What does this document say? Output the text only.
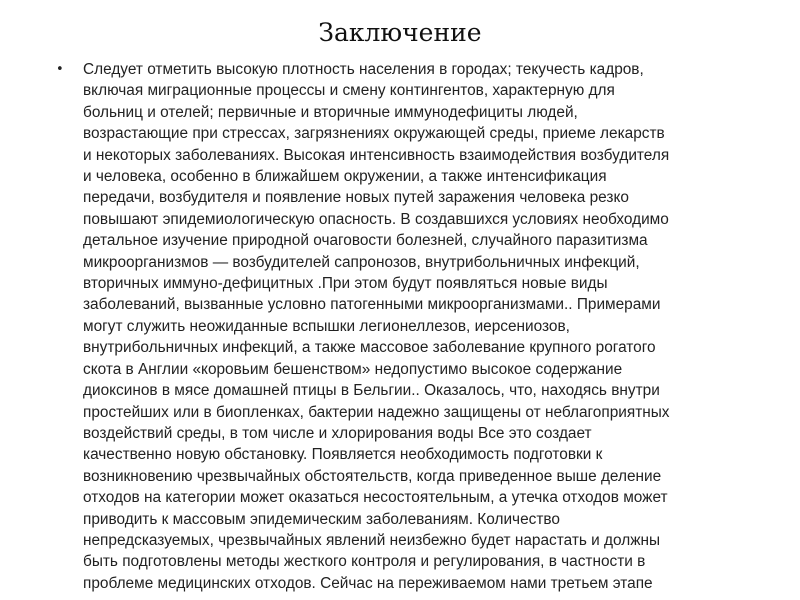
Заключение
• Следует отметить высокую плотность населения в городах; текучесть кадров,
включая миграционные процессы и смену контингентов, характерную для
больниц и отелей; первичные и вторичные иммунодефициты людей,
возрастающие при стрессах, загрязнениях окружающей среды, приеме лекарств
и некоторых заболеваниях. Высокая интенсивность взаимодействия возбудителя
и человека, особенно в ближайшем окружении, а также интенсификация
передачи, возбудителя и появление новых путей заражения человека резко
повышают эпидемиологическую опасность. В создавшихся условиях необходимо
детальное изучение природной очаговости болезней, случайного паразитизма
микроорганизмов — возбудителей сапронозов, внутрибольничных инфекций,
вторичных иммуно-дефицитных .При этом будут появляться новые виды
заболеваний, вызванные условно патогенными микроорганизмами.. Примерами
могут служить неожиданные вспышки легионеллезов, иерсениозов,
внутрибольничных инфекций, а также массовое заболевание крупного рогатого
скота в Англии «коровьим бешенством» недопустимо высокое содержание
диоксинов в мясе домашней птицы в Бельгии.. Оказалось, что, находясь внутри
простейших или в биопленках, бактерии надежно защищены от неблагоприятных
воздействий среды, в том числе и хлорирования воды Все это создает
качественно новую обстановку. Появляется необходимость подготовки к
возникновению чрезвычайных обстоятельств, когда приведенное выше деление
отходов на категории может оказаться несостоятельным, а утечка отходов может
приводить к массовым эпидемическим заболеваниям. Количество
непредсказуемых, чрезвычайных явлений неизбежно будет нарастать и должны
быть подготовлены методы жесткого контроля и регулирования, в частности в
проблеме медицинских отходов. Сейчас на переживаемом нами третьем этапе
